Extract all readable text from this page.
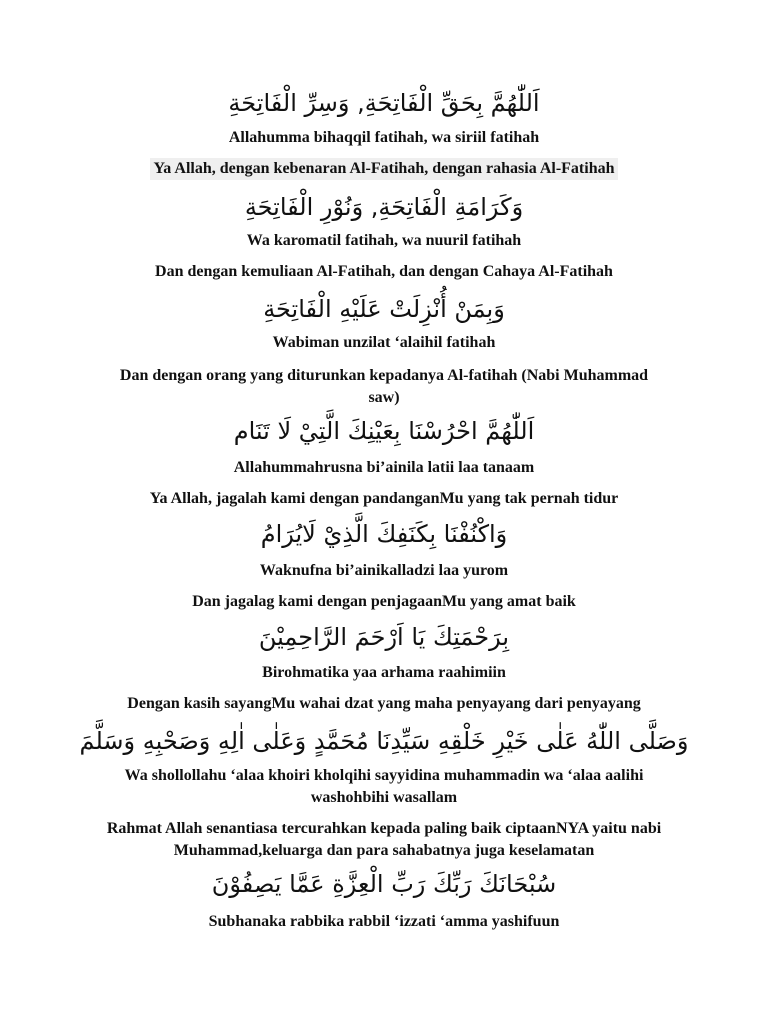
اَللّٰهُمَّ بِحَقِّ الْفَاتِحَةِ, وَسِرِّ الْفَاتِحَةِ
Allahumma bihaqqil fatihah, wa siriil fatihah
Ya Allah, dengan kebenaran Al-Fatihah, dengan rahasia Al-Fatihah
وَكَرَامَةِ الْفَاتِحَةِ, وَنُوْرِ الْفَاتِحَةِ
Wa karomatil fatihah, wa nuuril fatihah
Dan dengan kemuliaan Al-Fatihah, dan dengan Cahaya Al-Fatihah
وَبِمَنْ أُنْزِلَتْ عَلَيْهِ الْفَاتِحَةِ
Wabiman unzilat ‘alaihil fatihah
Dan dengan orang yang diturunkan kepadanya Al-fatihah (Nabi Muhammad saw)
اَللّٰهُمَّ احْرُسْنَا بِعَيْنِكَ الَّتِيْ لَا تَنَام
Allahummahrusna bi’ainila latii laa tanaam
Ya Allah, jagalah kami dengan pandanganMu yang tak pernah tidur
وَاكْنُفْنَا بِكَنَفِكَ الَّذِيْ لَايُرَامُ
Waknufna bi’ainikalladzi laa yurom
Dan jagalag kami dengan penjagaanMu yang amat baik
بِرَحْمَتِكَ يَا اَرْحَمَ الرَّاحِمِيْنَ
Birohmatika yaa arhama raahimiin
Dengan kasih sayangMu wahai dzat yang maha penyayang dari penyayang
وَصَلَّى اللّٰهُ عَلٰى خَيْرِ خَلْقِهِ سَيِّدِنَا مُحَمَّدٍ وَعَلٰى اٰلِهِ وَصَحْبِهِ وَسَلَّمَ
Wa shollollahu ‘alaa khoiri kholqihi sayyidina muhammadin wa ‘alaa aalihi washohbihi wasallam
Rahmat Allah senantiasa tercurahkan kepada paling baik ciptaanNYA yaitu nabi Muhammad,keluarga dan para sahabatnya juga keselamatan
سُبْحَانَكَ رَبِّكَ رَبِّ الْعِزَّةِ عَمَّا يَصِفُوْنَ
Subhanaka rabbika rabbil ‘izzati ‘amma yashifuun
